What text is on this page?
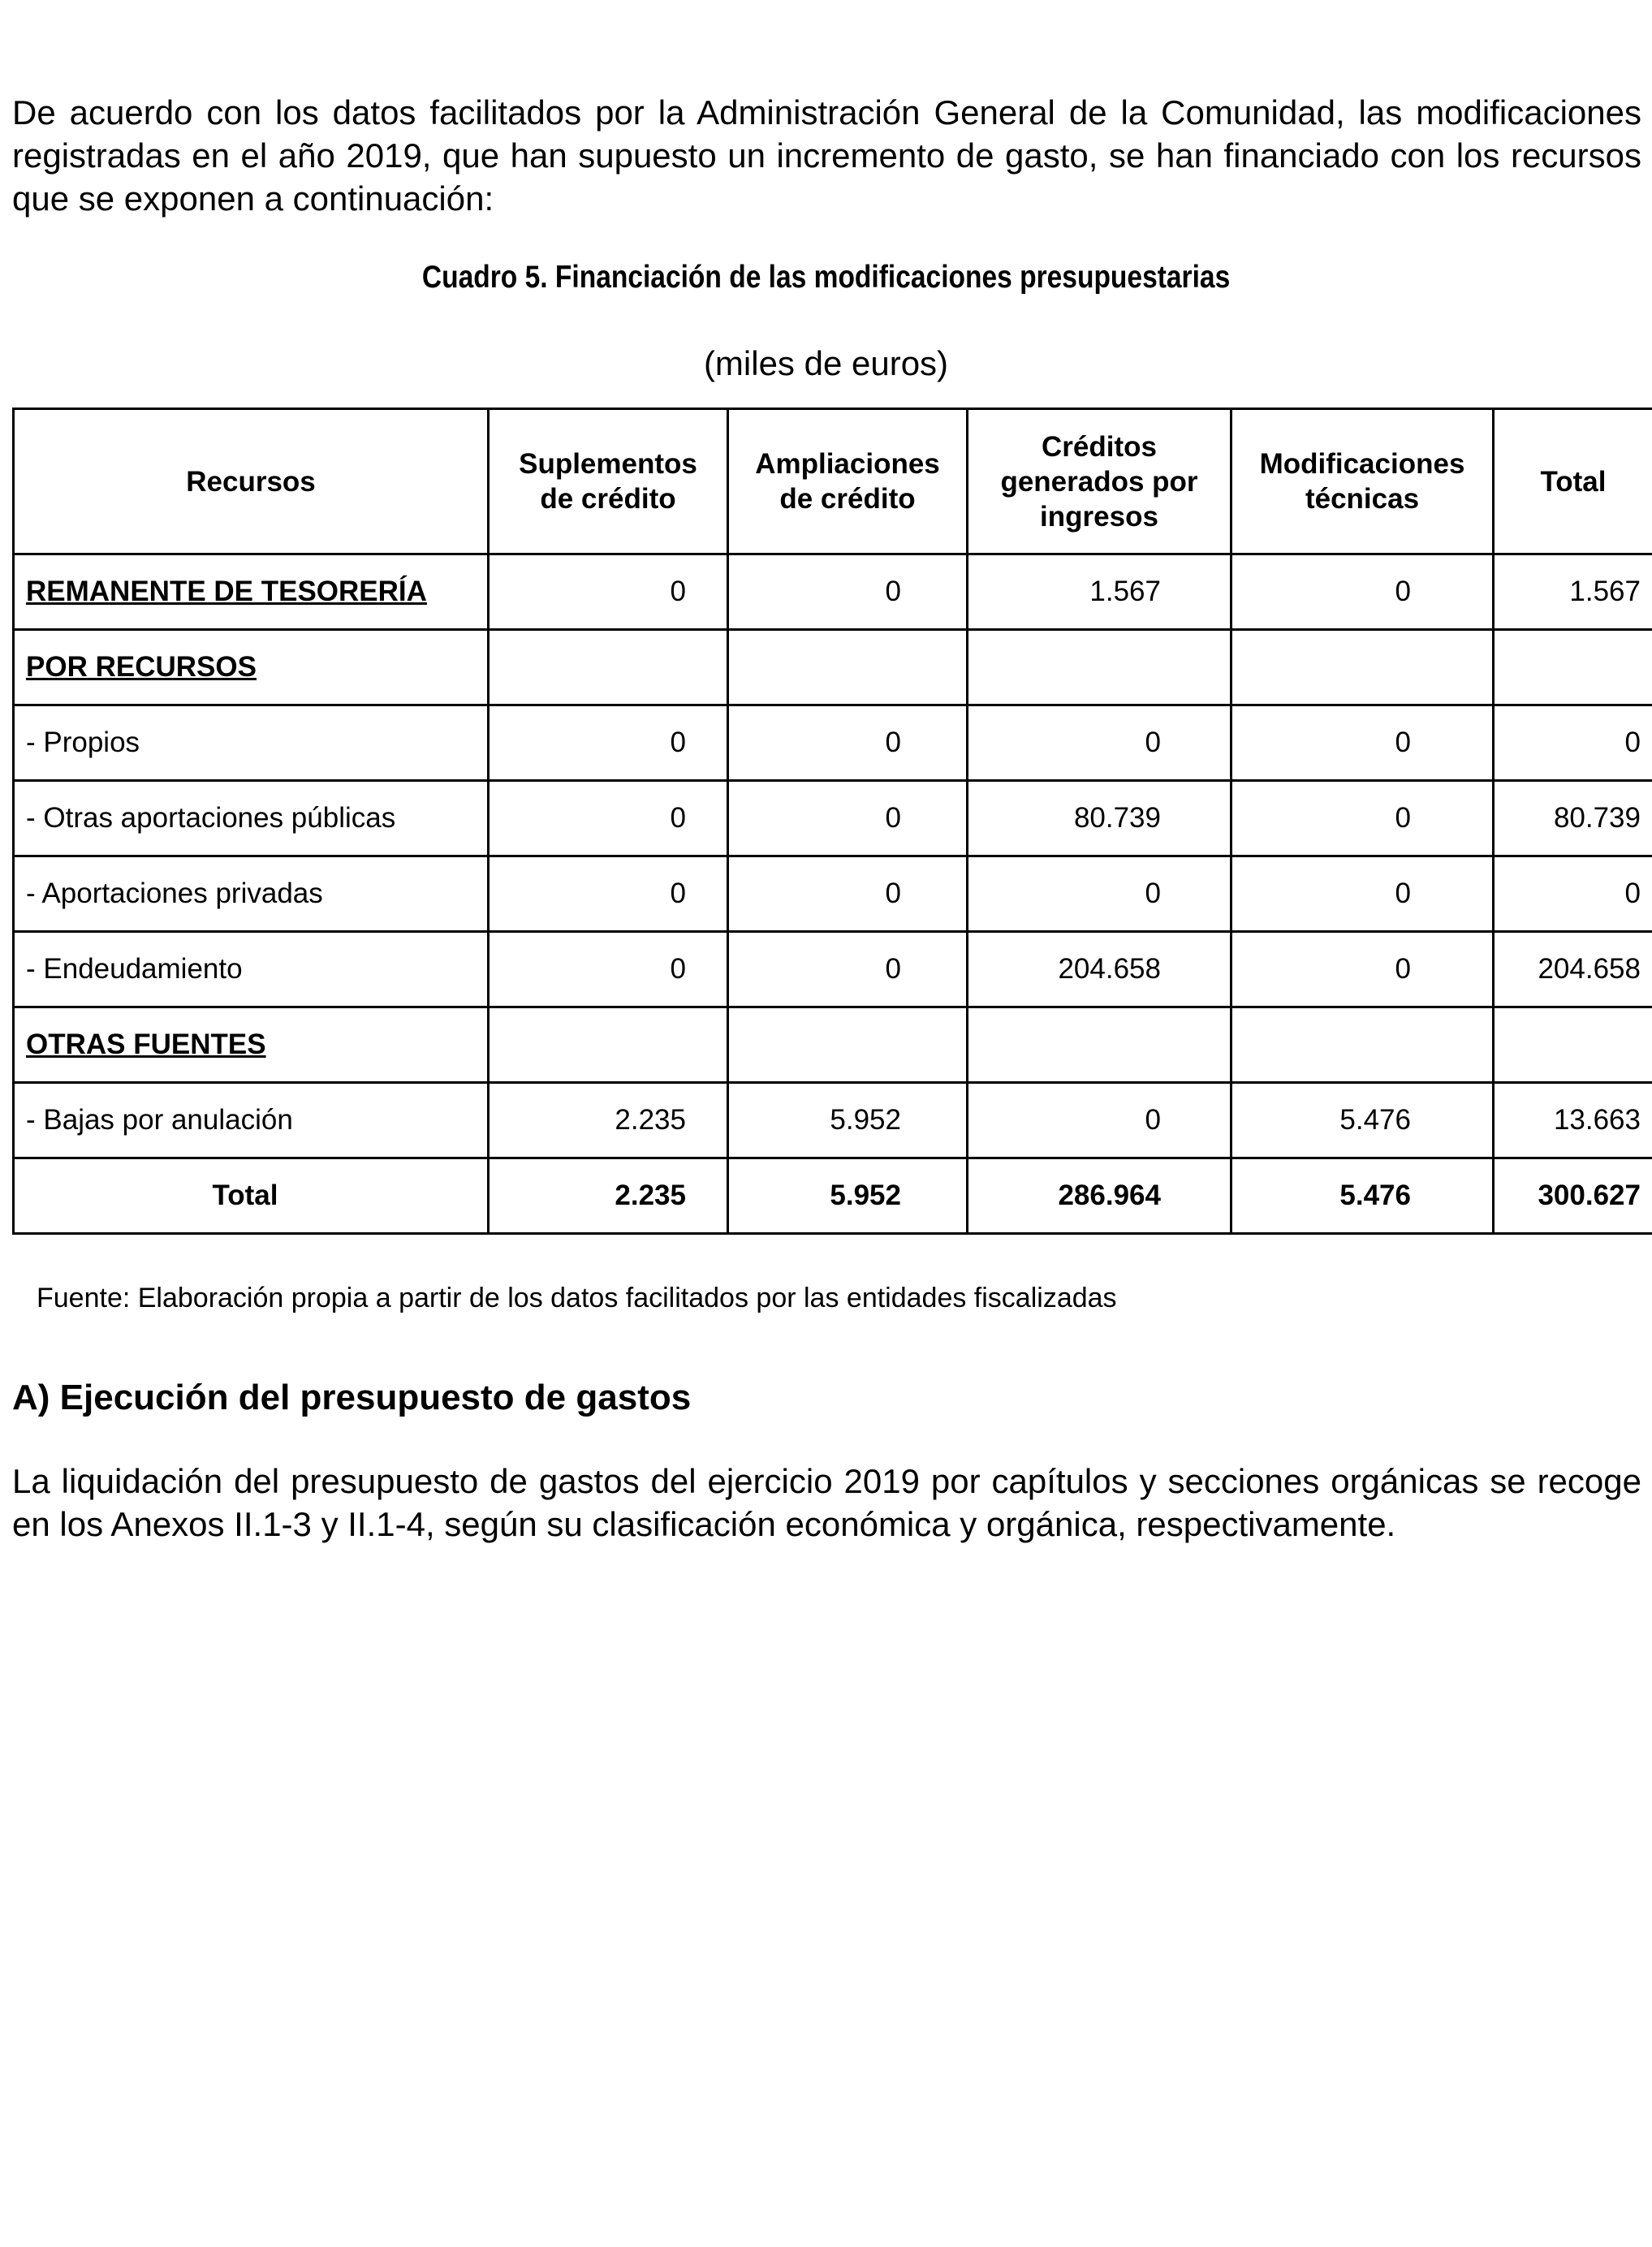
De acuerdo con los datos facilitados por la Administración General de la Comunidad, las modificaciones registradas en el año 2019, que han supuesto un incremento de gasto, se han financiado con los recursos que se exponen a continuación:

Cuadro 5. Financiación de las modificaciones presupuestarias

(miles de euros)

Recursos	Suplementos de crédito	Ampliaciones de crédito	Créditos generados por ingresos	Modificaciones técnicas	Total
REMANENTE DE TESORERÍA	0	0	1.567	0	1.567
POR RECURSOS					
- Propios	0	0	0	0	0
- Otras aportaciones públicas	0	0	80.739	0	80.739
- Aportaciones privadas	0	0	0	0	0
- Endeudamiento	0	0	204.658	0	204.658
OTRAS FUENTES					
- Bajas por anulación	2.235	5.952	0	5.476	13.663
Total	2.235	5.952	286.964	5.476	300.627

Fuente: Elaboración propia a partir de los datos facilitados por las entidades fiscalizadas

A) Ejecución del presupuesto de gastos

La liquidación del presupuesto de gastos del ejercicio 2019 por capítulos y secciones orgánicas se recoge en los Anexos II.1-3 y II.1-4, según su clasificación económica y orgánica, respectivamente.
